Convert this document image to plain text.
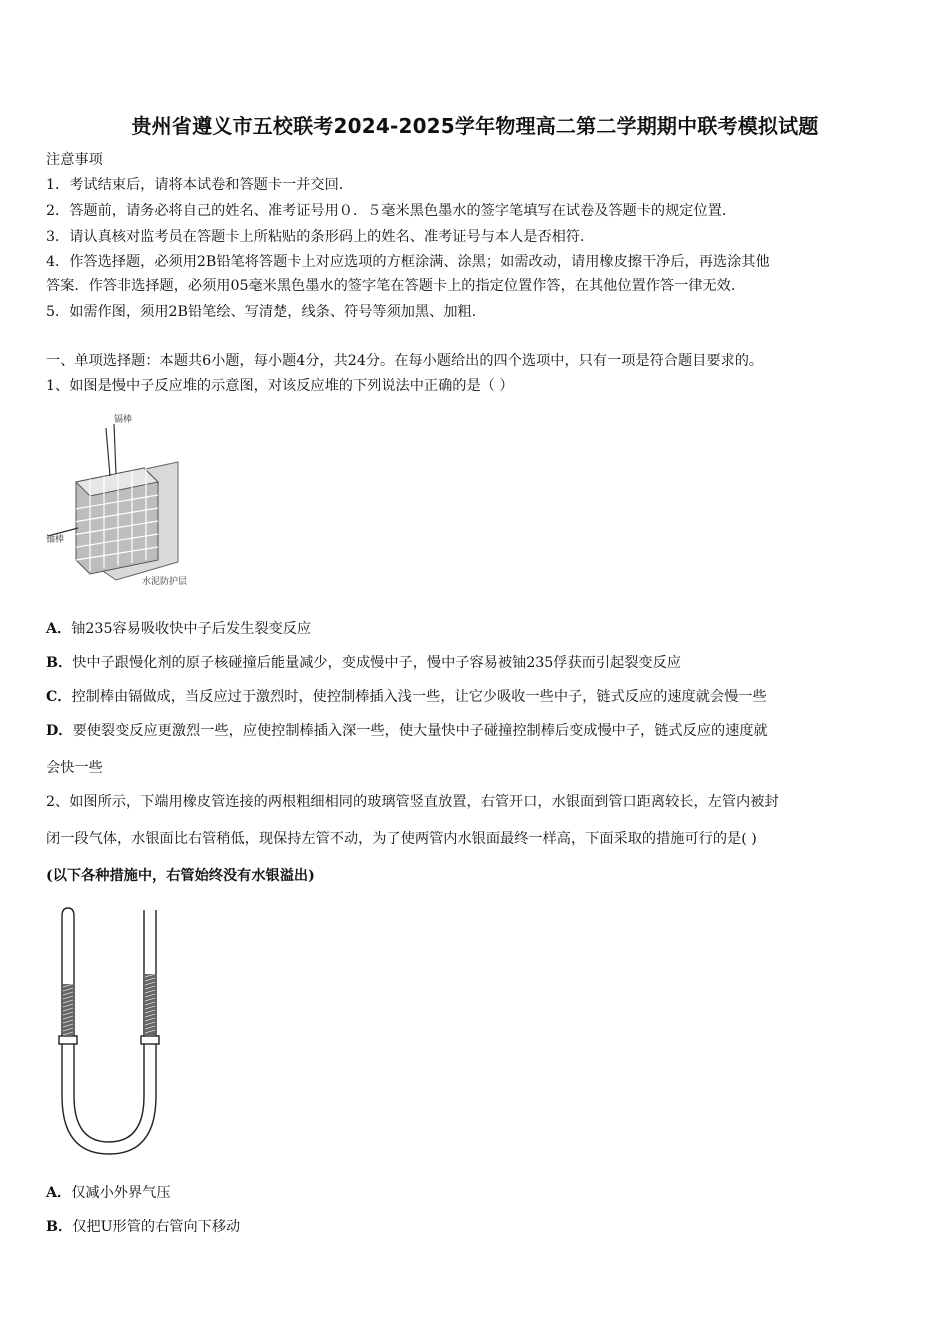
贵州省遵义市五校联考2024-2025学年物理高二第二学期期中联考模拟试题
注意事项
1．考试结束后，请将本试卷和答题卡一并交回．
2．答题前，请务必将自己的姓名、准考证号用０．５毫米黑色墨水的签字笔填写在试卷及答题卡的规定位置．
3．请认真核对监考员在答题卡上所粘贴的条形码上的姓名、准考证号与本人是否相符．
4．作答选择题，必须用2B铅笔将答题卡上对应选项的方框涂满、涂黑；如需改动，请用橡皮擦干净后，再选涂其他
答案．作答非选择题，必须用05毫米黑色墨水的签字笔在答题卡上的指定位置作答，在其他位置作答一律无效．
5．如需作图，须用2B铅笔绘、写清楚，线条、符号等须加黑、加粗．
一、单项选择题：本题共6小题，每小题4分，共24分。在每小题给出的四个选项中，只有一项是符合题目要求的。
1、如图是慢中子反应堆的示意图，对该反应堆的下列说法中正确的是（ ）
镉棒
铀棒
水泥防护层
A．铀235容易吸收快中子后发生裂变反应
B．快中子跟慢化剂的原子核碰撞后能量减少，变成慢中子，慢中子容易被铀235俘获而引起裂变反应
C．控制棒由镉做成，当反应过于激烈时，使控制棒插入浅一些，让它少吸收一些中子，链式反应的速度就会慢一些
D．要使裂变反应更激烈一些，应使控制棒插入深一些，使大量快中子碰撞控制棒后变成慢中子，链式反应的速度就
会快一些
2、如图所示，下端用橡皮管连接的两根粗细相同的玻璃管竖直放置，右管开口，水银面到管口距离较长，左管内被封
闭一段气体，水银面比右管稍低，现保持左管不动，为了使两管内水银面最终一样高，下面采取的措施可行的是( )
(以下各种措施中，右管始终没有水银溢出)
A．仅减小外界气压
B．仅把U形管的右管向下移动
